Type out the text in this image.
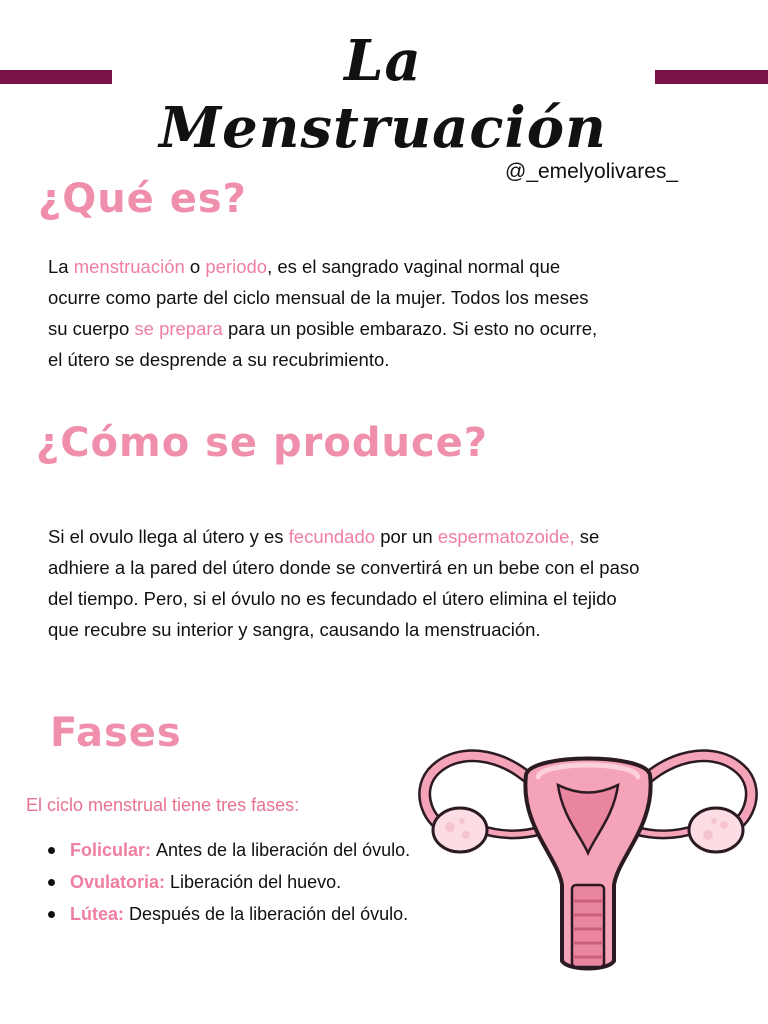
La Menstruación
@_emelyolivares_
¿Qué es?
La menstruación o periodo, es el sangrado vaginal normal que
ocurre como parte del ciclo mensual de la mujer. Todos los meses
su cuerpo se prepara para un posible embarazo. Si esto no ocurre,
el útero se desprende a su recubrimiento.
¿Cómo se produce?
Si el ovulo llega al útero y es fecundado por un espermatozoide, se
adhiere a la pared del útero donde se convertirá en un bebe con el paso
del tiempo. Pero, si el óvulo no es fecundado el útero elimina el tejido
que recubre su interior y sangra, causando la menstruación.
Fases
El ciclo menstrual tiene tres fases:
Folicular: Antes de la liberación del óvulo.
Ovulatoria: Liberación del huevo.
Lútea: Después de la liberación del óvulo.
